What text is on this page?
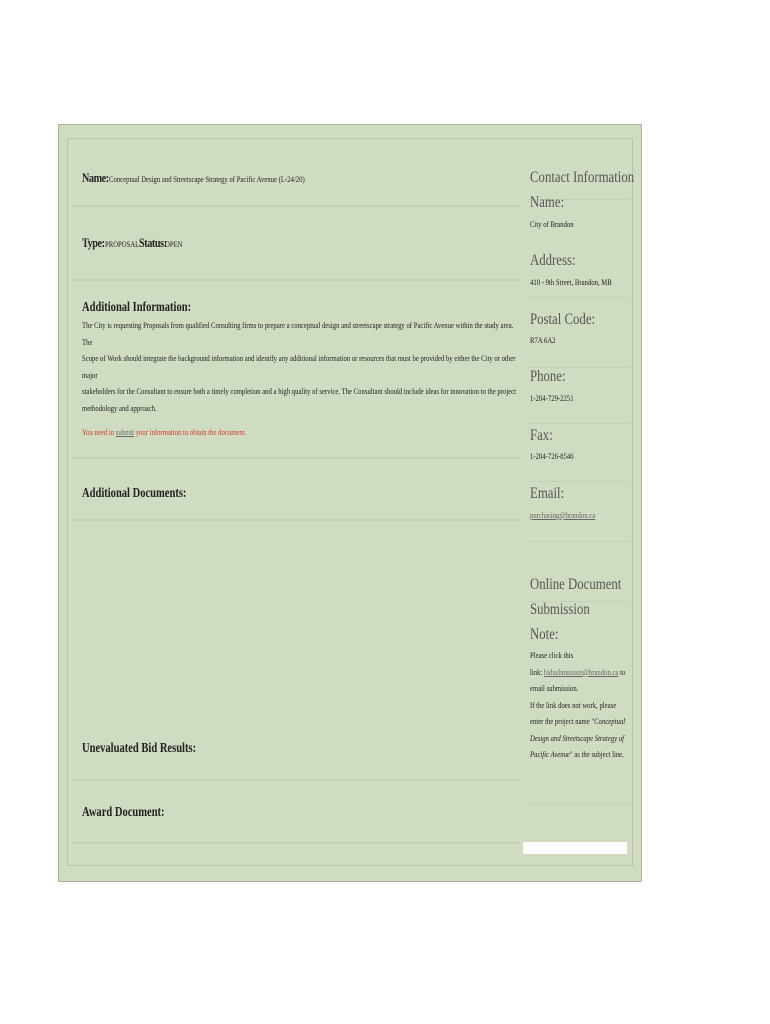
Name:Conceptual Design and Streetscape Strategy of Pacific Avenue (L-24/20)
Type:PROPOSALStatus:OPEN
Additional Information:
The City is requesting Proposals from qualified Consulting firms to prepare a conceptual design and streetscape strategy of Pacific Avenue within the study area. The
Scope of Work should integrate the background information and identify any additional information or resources that must be provided by either the City or other major
stakeholders for the Consultant to ensure both a timely completion and a high quality of service. The Consultant should include ideas for innovation to the project
methodology and approach.
You need to submit your information to obtain the document.
Additional Documents:
Unevaluated Bid Results:
Award Document:
Contact Information
Name:
City of Brandon
Address:
410 - 9th Street, Brandon, MB
Postal Code:
R7A 6A2
Phone:
1-204-729-2251
Fax:
1-204-726-8546
Email:
purchasing@brandon.ca
Online Document
Submission
Note:
Please click this
link: bidsubmission@brandon.ca to
email submission.
If the link does not work, please
enter the project name "Conceptual
Design and Streetscape Strategy of
Pacific Avenue" as the subject line.
